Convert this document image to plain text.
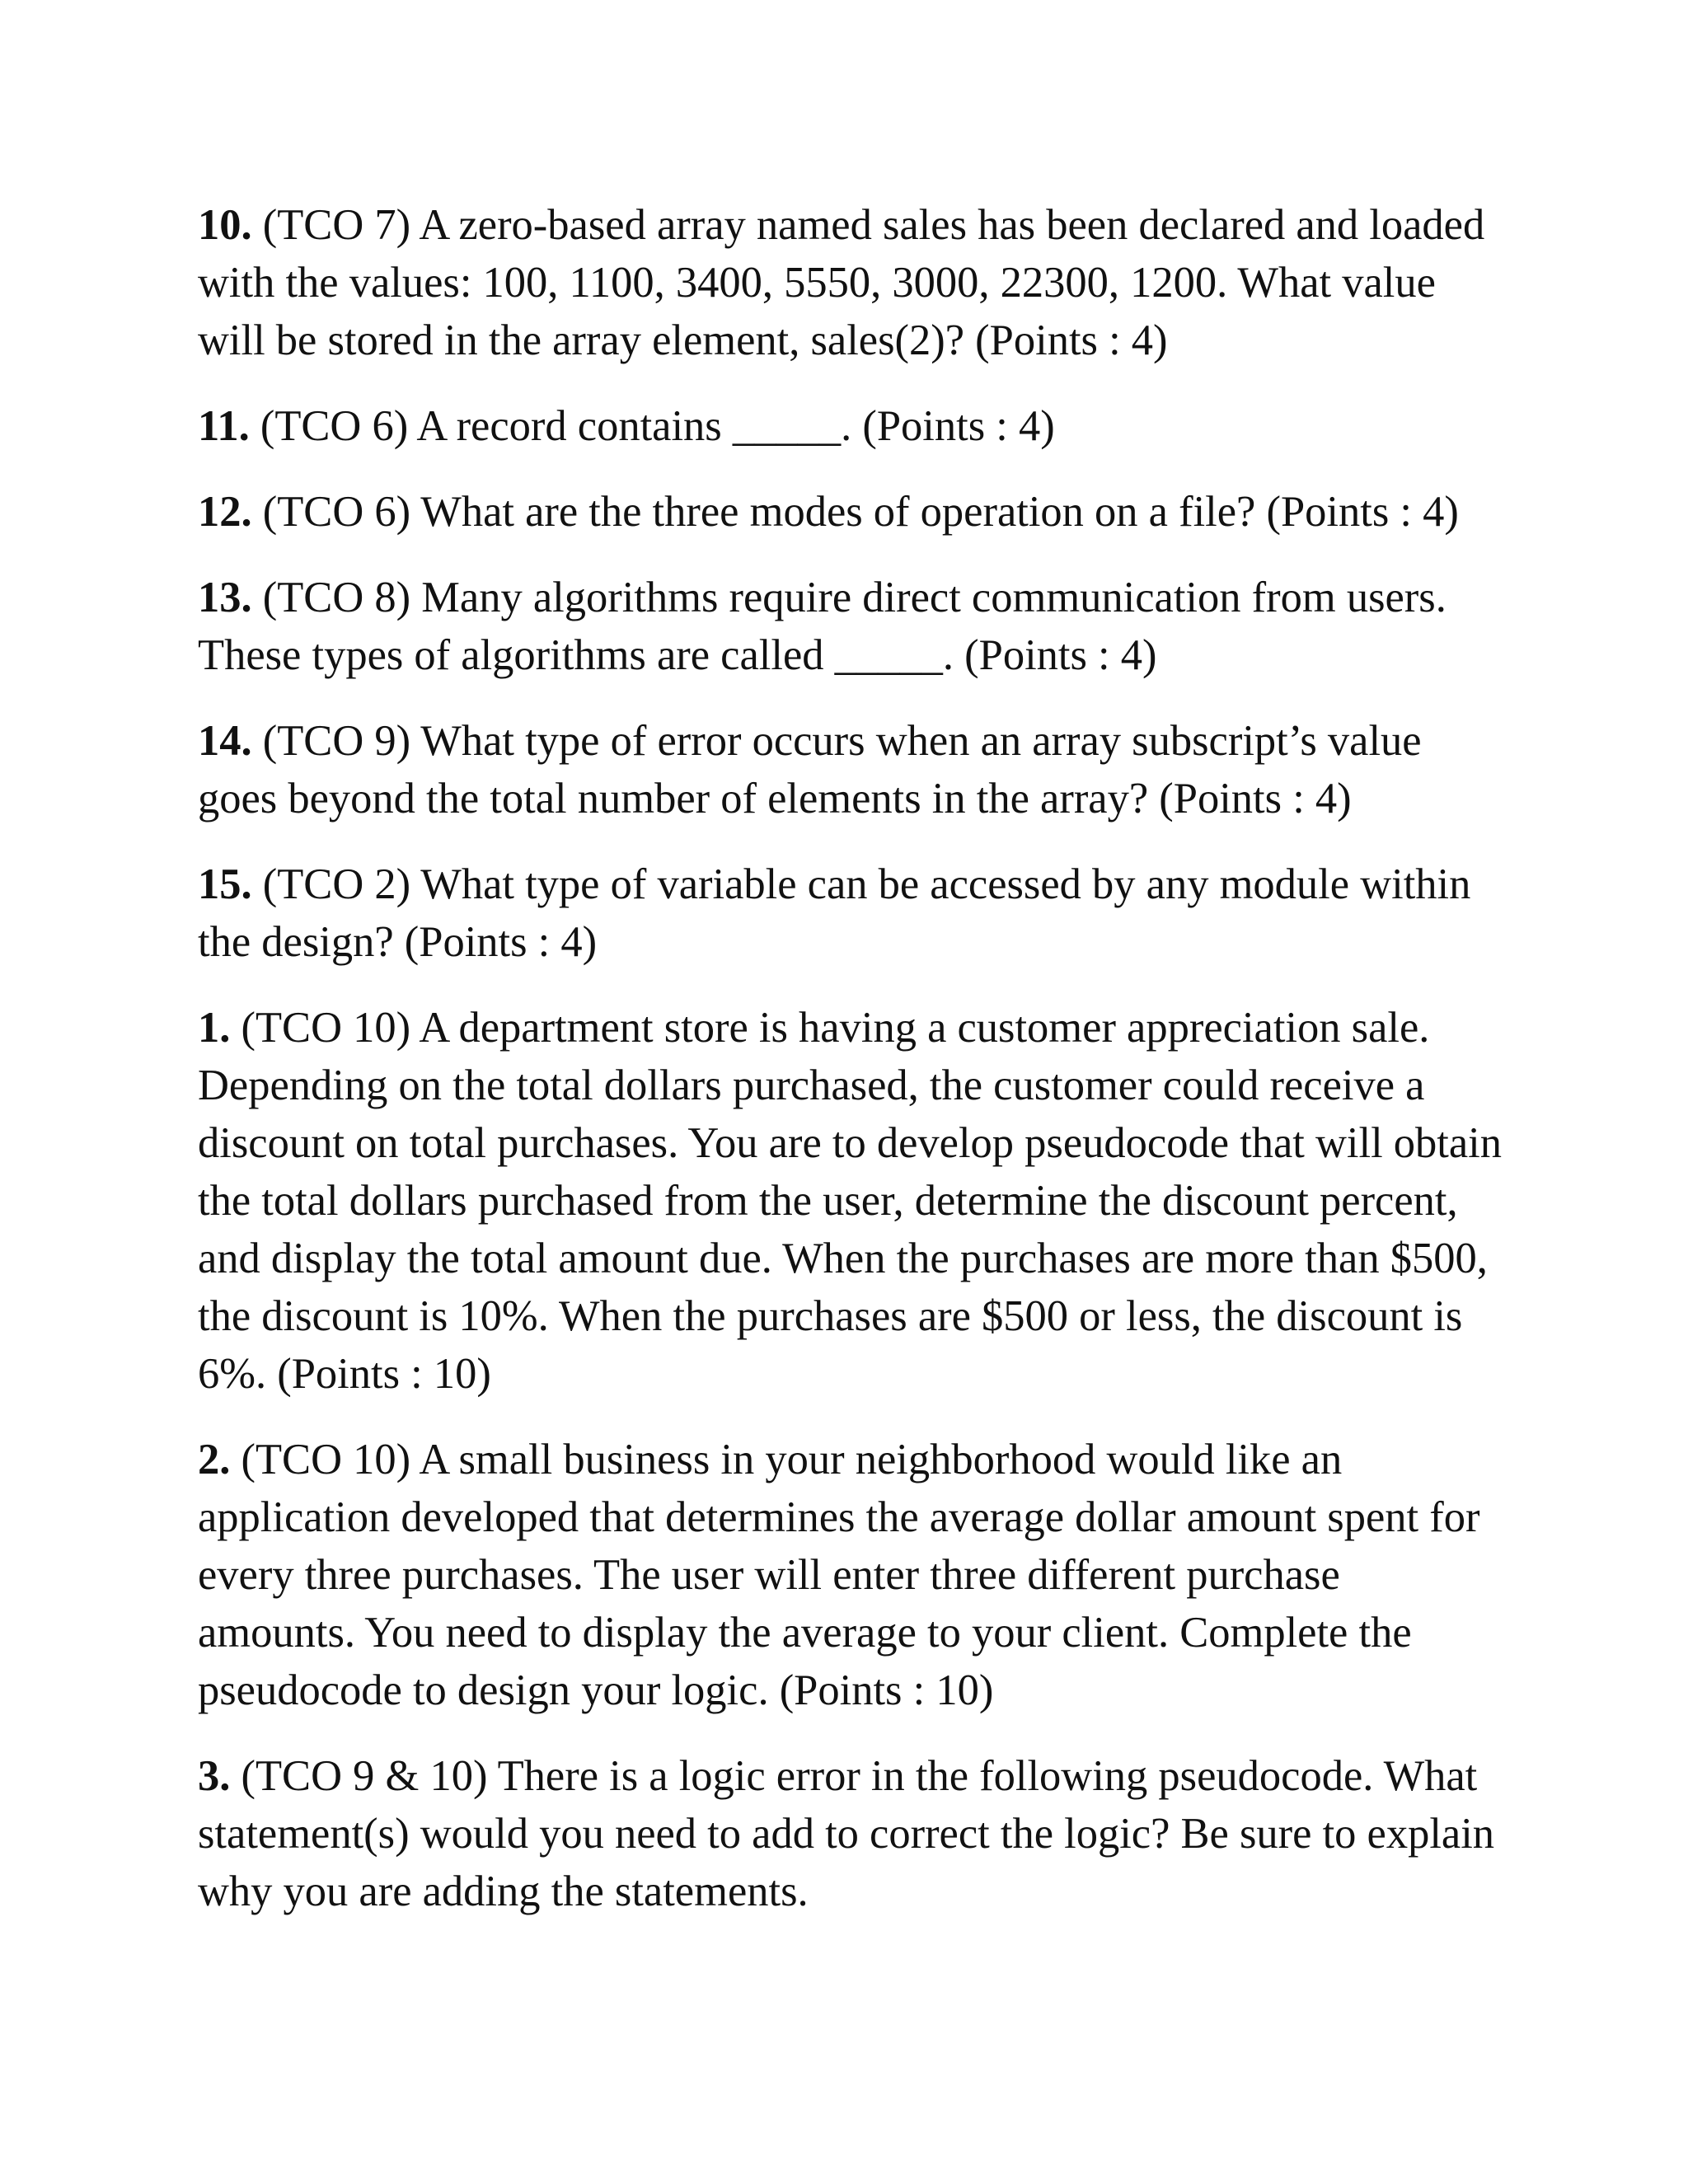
10. (TCO 7) A zero-based array named sales has been declared and loaded with the values: 100, 1100, 3400, 5550, 3000, 22300, 1200. What value will be stored in the array element, sales(2)? (Points : 4)

11. (TCO 6) A record contains _____. (Points : 4)

12. (TCO 6) What are the three modes of operation on a file? (Points : 4)

13. (TCO 8) Many algorithms require direct communication from users. These types of algorithms are called _____. (Points : 4)

14. (TCO 9) What type of error occurs when an array subscript’s value goes beyond the total number of elements in the array? (Points : 4)

15. (TCO 2) What type of variable can be accessed by any module within the design? (Points : 4)

1. (TCO 10) A department store is having a customer appreciation sale. Depending on the total dollars purchased, the customer could receive a discount on total purchases. You are to develop pseudocode that will obtain the total dollars purchased from the user, determine the discount percent, and display the total amount due. When the purchases are more than $500, the discount is 10%. When the purchases are $500 or less, the discount is 6%. (Points : 10)

2. (TCO 10) A small business in your neighborhood would like an application developed that determines the average dollar amount spent for every three purchases. The user will enter three different purchase amounts. You need to display the average to your client. Complete the pseudocode to design your logic. (Points : 10)

3. (TCO 9 & 10) There is a logic error in the following pseudocode. What statement(s) would you need to add to correct the logic? Be sure to explain why you are adding the statements.
